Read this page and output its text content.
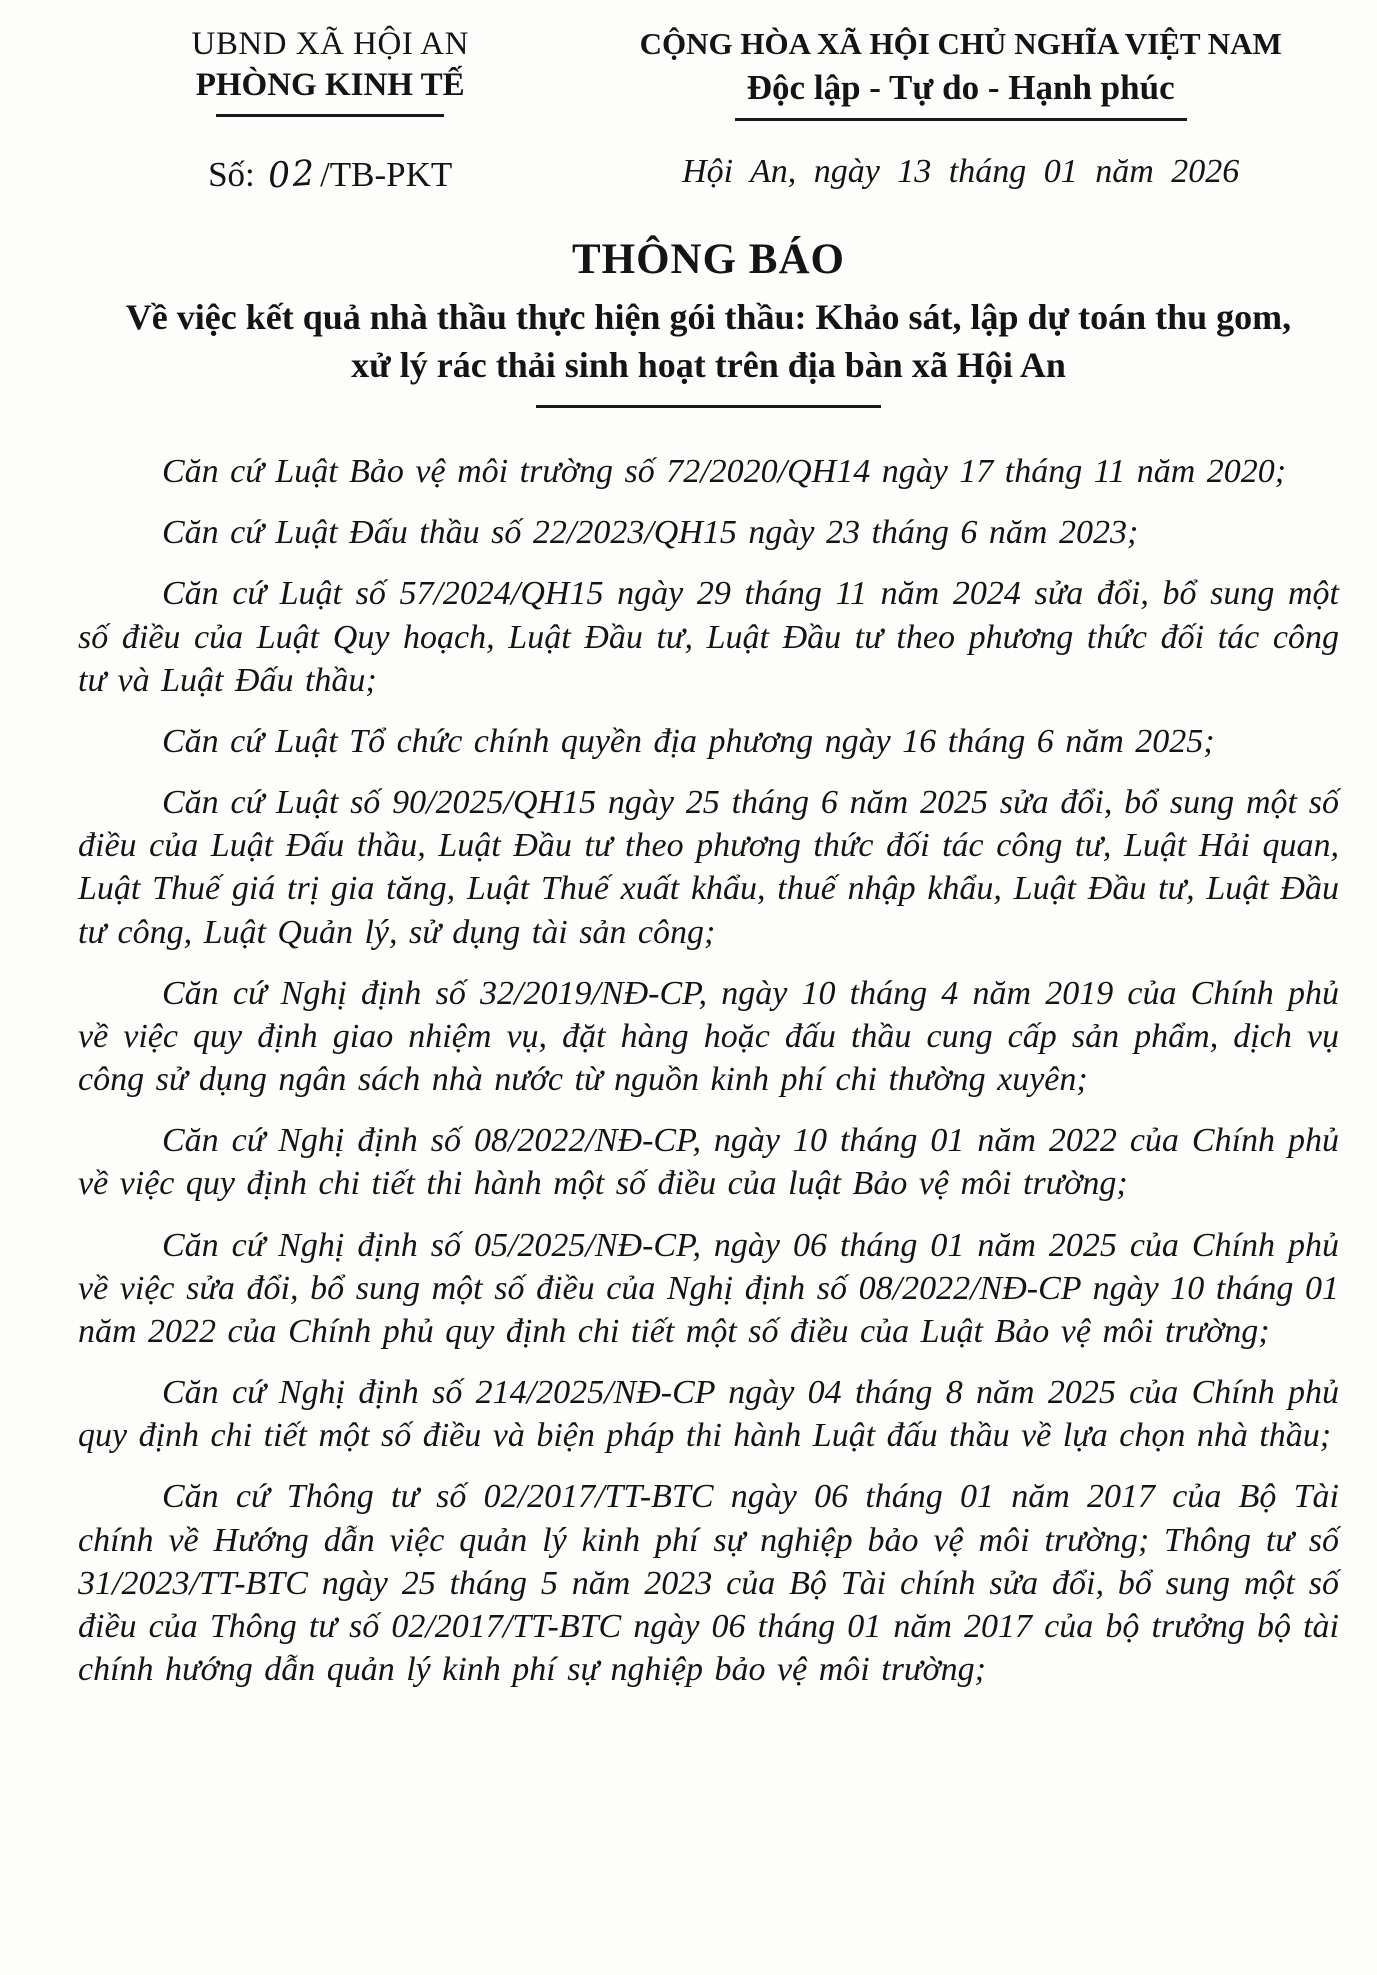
UBND XÃ HỘI AN
PHÒNG KINH TẾ
Số: 02/TB-PKT
CỘNG HÒA XÃ HỘI CHỦ NGHĨA VIỆT NAM
Độc lập - Tự do - Hạnh phúc
Hội An, ngày 13 tháng 01 năm 2026
THÔNG BÁO
Về việc kết quả nhà thầu thực hiện gói thầu: Khảo sát, lập dự toán thu gom,
xử lý rác thải sinh hoạt trên địa bàn xã Hội An

Căn cứ Luật Bảo vệ môi trường số 72/2020/QH14 ngày 17 tháng 11 năm 2020;

Căn cứ Luật Đấu thầu số 22/2023/QH15 ngày 23 tháng 6 năm 2023;

Căn cứ Luật số 57/2024/QH15 ngày 29 tháng 11 năm 2024 sửa đổi, bổ sung một số điều của Luật Quy hoạch, Luật Đầu tư, Luật Đầu tư theo phương thức đối tác công tư và Luật Đấu thầu;

Căn cứ Luật Tổ chức chính quyền địa phương ngày 16 tháng 6 năm 2025;

Căn cứ Luật số 90/2025/QH15 ngày 25 tháng 6 năm 2025 sửa đổi, bổ sung một số điều của Luật Đấu thầu, Luật Đầu tư theo phương thức đối tác công tư, Luật Hải quan, Luật Thuế giá trị gia tăng, Luật Thuế xuất khẩu, thuế nhập khẩu, Luật Đầu tư, Luật Đầu tư công, Luật Quản lý, sử dụng tài sản công;

Căn cứ Nghị định số 32/2019/NĐ-CP, ngày 10 tháng 4 năm 2019 của Chính phủ về việc quy định giao nhiệm vụ, đặt hàng hoặc đấu thầu cung cấp sản phẩm, dịch vụ công sử dụng ngân sách nhà nước từ nguồn kinh phí chi thường xuyên;

Căn cứ Nghị định số 08/2022/NĐ-CP, ngày 10 tháng 01 năm 2022 của Chính phủ về việc quy định chi tiết thi hành một số điều của luật Bảo vệ môi trường;

Căn cứ Nghị định số 05/2025/NĐ-CP, ngày 06 tháng 01 năm 2025 của Chính phủ về việc sửa đổi, bổ sung một số điều của Nghị định số 08/2022/NĐ-CP ngày 10 tháng 01 năm 2022 của Chính phủ quy định chi tiết một số điều của Luật Bảo vệ môi trường;

Căn cứ Nghị định số 214/2025/NĐ-CP ngày 04 tháng 8 năm 2025 của Chính phủ quy định chi tiết một số điều và biện pháp thi hành Luật đấu thầu về lựa chọn nhà thầu;

Căn cứ Thông tư số 02/2017/TT-BTC ngày 06 tháng 01 năm 2017 của Bộ Tài chính về Hướng dẫn việc quản lý kinh phí sự nghiệp bảo vệ môi trường; Thông tư số 31/2023/TT-BTC ngày 25 tháng 5 năm 2023 của Bộ Tài chính sửa đổi, bổ sung một số điều của Thông tư số 02/2017/TT-BTC ngày 06 tháng 01 năm 2017 của bộ trưởng bộ tài chính hướng dẫn quản lý kinh phí sự nghiệp bảo vệ môi trường;
